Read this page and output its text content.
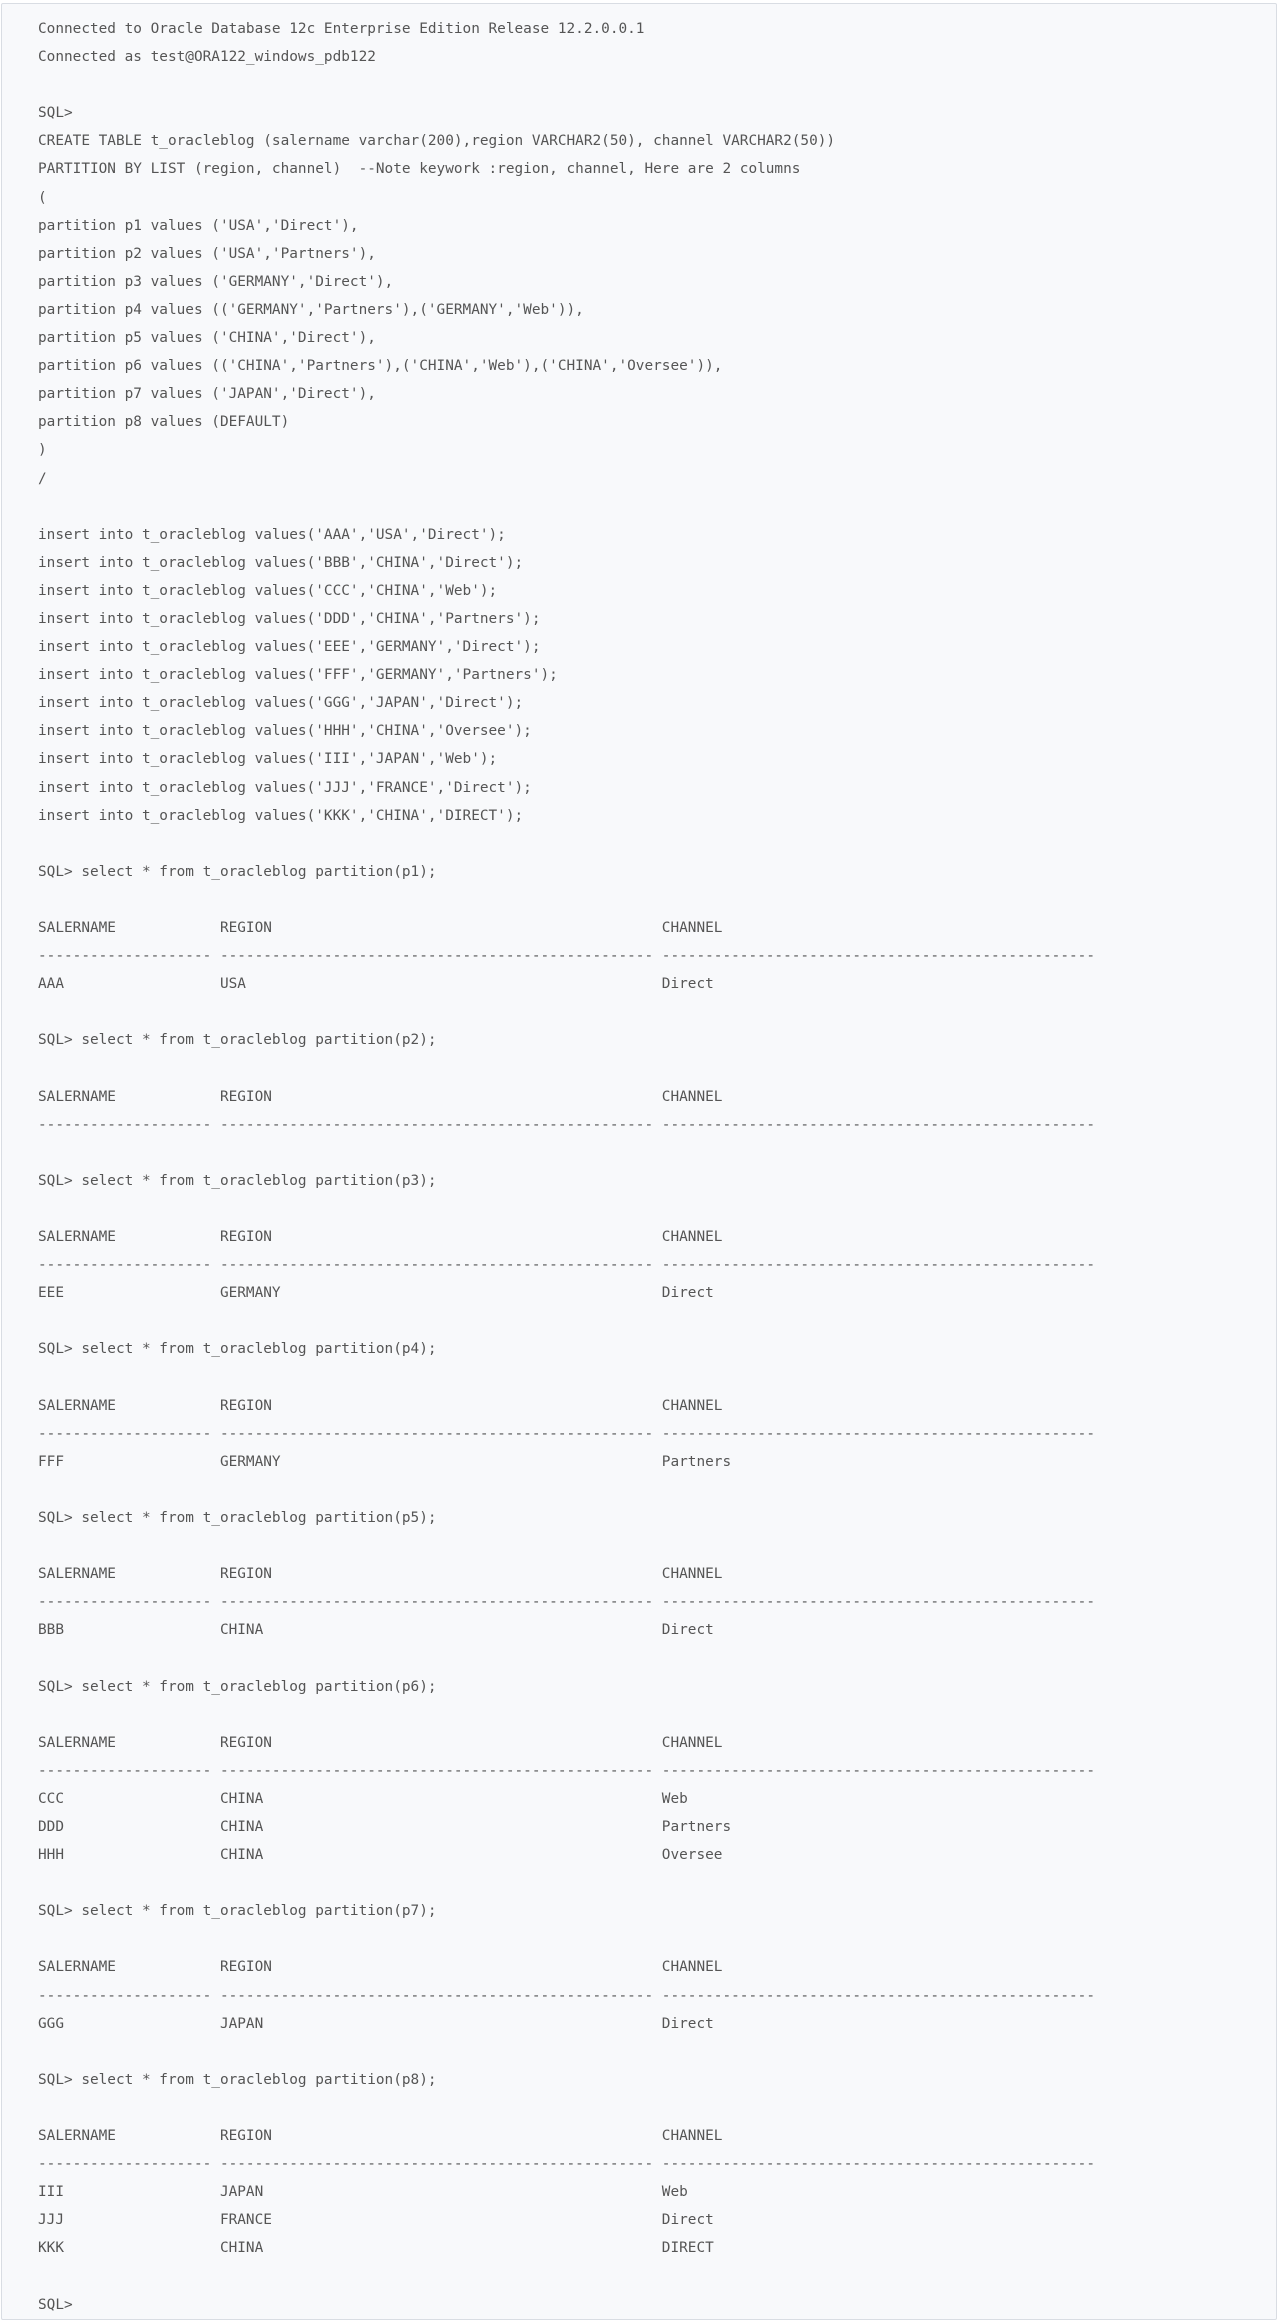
Connected to Oracle Database 12c Enterprise Edition Release 12.2.0.0.1
Connected as test@ORA122_windows_pdb122
SQL>
CREATE TABLE t_oracleblog (salername varchar(200),region VARCHAR2(50), channel VARCHAR2(50))
PARTITION BY LIST (region, channel)  --Note keywork :region, channel, Here are 2 columns
(
partition p1 values ('USA','Direct'),
partition p2 values ('USA','Partners'),
partition p3 values ('GERMANY','Direct'),
partition p4 values (('GERMANY','Partners'),('GERMANY','Web')),
partition p5 values ('CHINA','Direct'),
partition p6 values (('CHINA','Partners'),('CHINA','Web'),('CHINA','Oversee')),
partition p7 values ('JAPAN','Direct'),
partition p8 values (DEFAULT)
)
/
insert into t_oracleblog values('AAA','USA','Direct');
insert into t_oracleblog values('BBB','CHINA','Direct');
insert into t_oracleblog values('CCC','CHINA','Web');
insert into t_oracleblog values('DDD','CHINA','Partners');
insert into t_oracleblog values('EEE','GERMANY','Direct');
insert into t_oracleblog values('FFF','GERMANY','Partners');
insert into t_oracleblog values('GGG','JAPAN','Direct');
insert into t_oracleblog values('HHH','CHINA','Oversee');
insert into t_oracleblog values('III','JAPAN','Web');
insert into t_oracleblog values('JJJ','FRANCE','Direct');
insert into t_oracleblog values('KKK','CHINA','DIRECT');
SQL> select * from t_oracleblog partition(p1);
SALERNAME            REGION                                             CHANNEL
-------------------- -------------------------------------------------- --------------------------------------------------
AAA                  USA                                                Direct
SQL> select * from t_oracleblog partition(p2);
SALERNAME            REGION                                             CHANNEL
-------------------- -------------------------------------------------- --------------------------------------------------
SQL> select * from t_oracleblog partition(p3);
SALERNAME            REGION                                             CHANNEL
-------------------- -------------------------------------------------- --------------------------------------------------
EEE                  GERMANY                                            Direct
SQL> select * from t_oracleblog partition(p4);
SALERNAME            REGION                                             CHANNEL
-------------------- -------------------------------------------------- --------------------------------------------------
FFF                  GERMANY                                            Partners
SQL> select * from t_oracleblog partition(p5);
SALERNAME            REGION                                             CHANNEL
-------------------- -------------------------------------------------- --------------------------------------------------
BBB                  CHINA                                              Direct
SQL> select * from t_oracleblog partition(p6);
SALERNAME            REGION                                             CHANNEL
-------------------- -------------------------------------------------- --------------------------------------------------
CCC                  CHINA                                              Web
DDD                  CHINA                                              Partners
HHH                  CHINA                                              Oversee
SQL> select * from t_oracleblog partition(p7);
SALERNAME            REGION                                             CHANNEL
-------------------- -------------------------------------------------- --------------------------------------------------
GGG                  JAPAN                                              Direct
SQL> select * from t_oracleblog partition(p8);
SALERNAME            REGION                                             CHANNEL
-------------------- -------------------------------------------------- --------------------------------------------------
III                  JAPAN                                              Web
JJJ                  FRANCE                                             Direct
KKK                  CHINA                                              DIRECT
SQL>
